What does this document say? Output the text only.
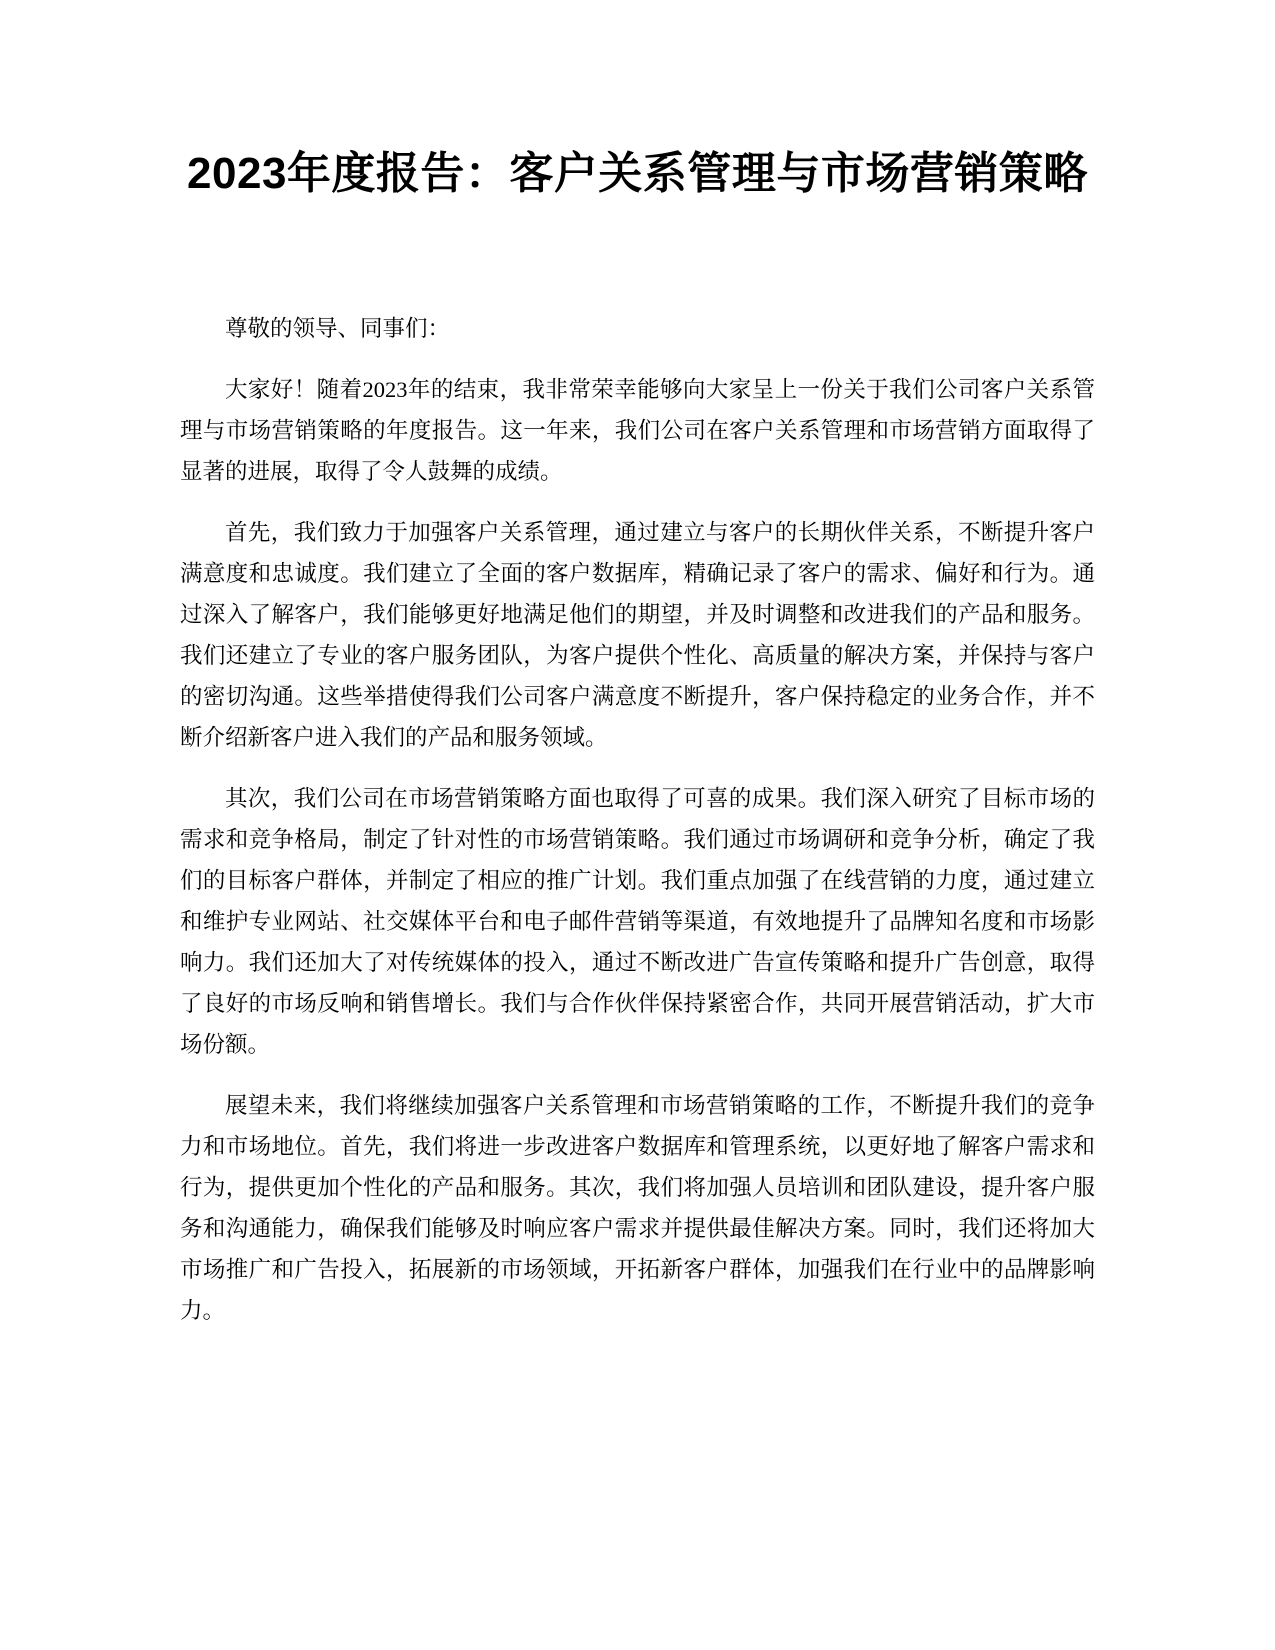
2023年度报告：客户关系管理与市场营销策略

尊敬的领导、同事们：

大家好！随着2023年的结束，我非常荣幸能够向大家呈上一份关于我们公司客户关系管理与市场营销策略的年度报告。这一年来，我们公司在客户关系管理和市场营销方面取得了显著的进展，取得了令人鼓舞的成绩。

首先，我们致力于加强客户关系管理，通过建立与客户的长期伙伴关系，不断提升客户满意度和忠诚度。我们建立了全面的客户数据库，精确记录了客户的需求、偏好和行为。通过深入了解客户，我们能够更好地满足他们的期望，并及时调整和改进我们的产品和服务。我们还建立了专业的客户服务团队，为客户提供个性化、高质量的解决方案，并保持与客户的密切沟通。这些举措使得我们公司客户满意度不断提升，客户保持稳定的业务合作，并不断介绍新客户进入我们的产品和服务领域。

其次，我们公司在市场营销策略方面也取得了可喜的成果。我们深入研究了目标市场的需求和竞争格局，制定了针对性的市场营销策略。我们通过市场调研和竞争分析，确定了我们的目标客户群体，并制定了相应的推广计划。我们重点加强了在线营销的力度，通过建立和维护专业网站、社交媒体平台和电子邮件营销等渠道，有效地提升了品牌知名度和市场影响力。我们还加大了对传统媒体的投入，通过不断改进广告宣传策略和提升广告创意，取得了良好的市场反响和销售增长。我们与合作伙伴保持紧密合作，共同开展营销活动，扩大市场份额。

展望未来，我们将继续加强客户关系管理和市场营销策略的工作，不断提升我们的竞争力和市场地位。首先，我们将进一步改进客户数据库和管理系统，以更好地了解客户需求和行为，提供更加个性化的产品和服务。其次，我们将加强人员培训和团队建设，提升客户服务和沟通能力，确保我们能够及时响应客户需求并提供最佳解决方案。同时，我们还将加大市场推广和广告投入，拓展新的市场领域，开拓新客户群体，加强我们在行业中的品牌影响力。
